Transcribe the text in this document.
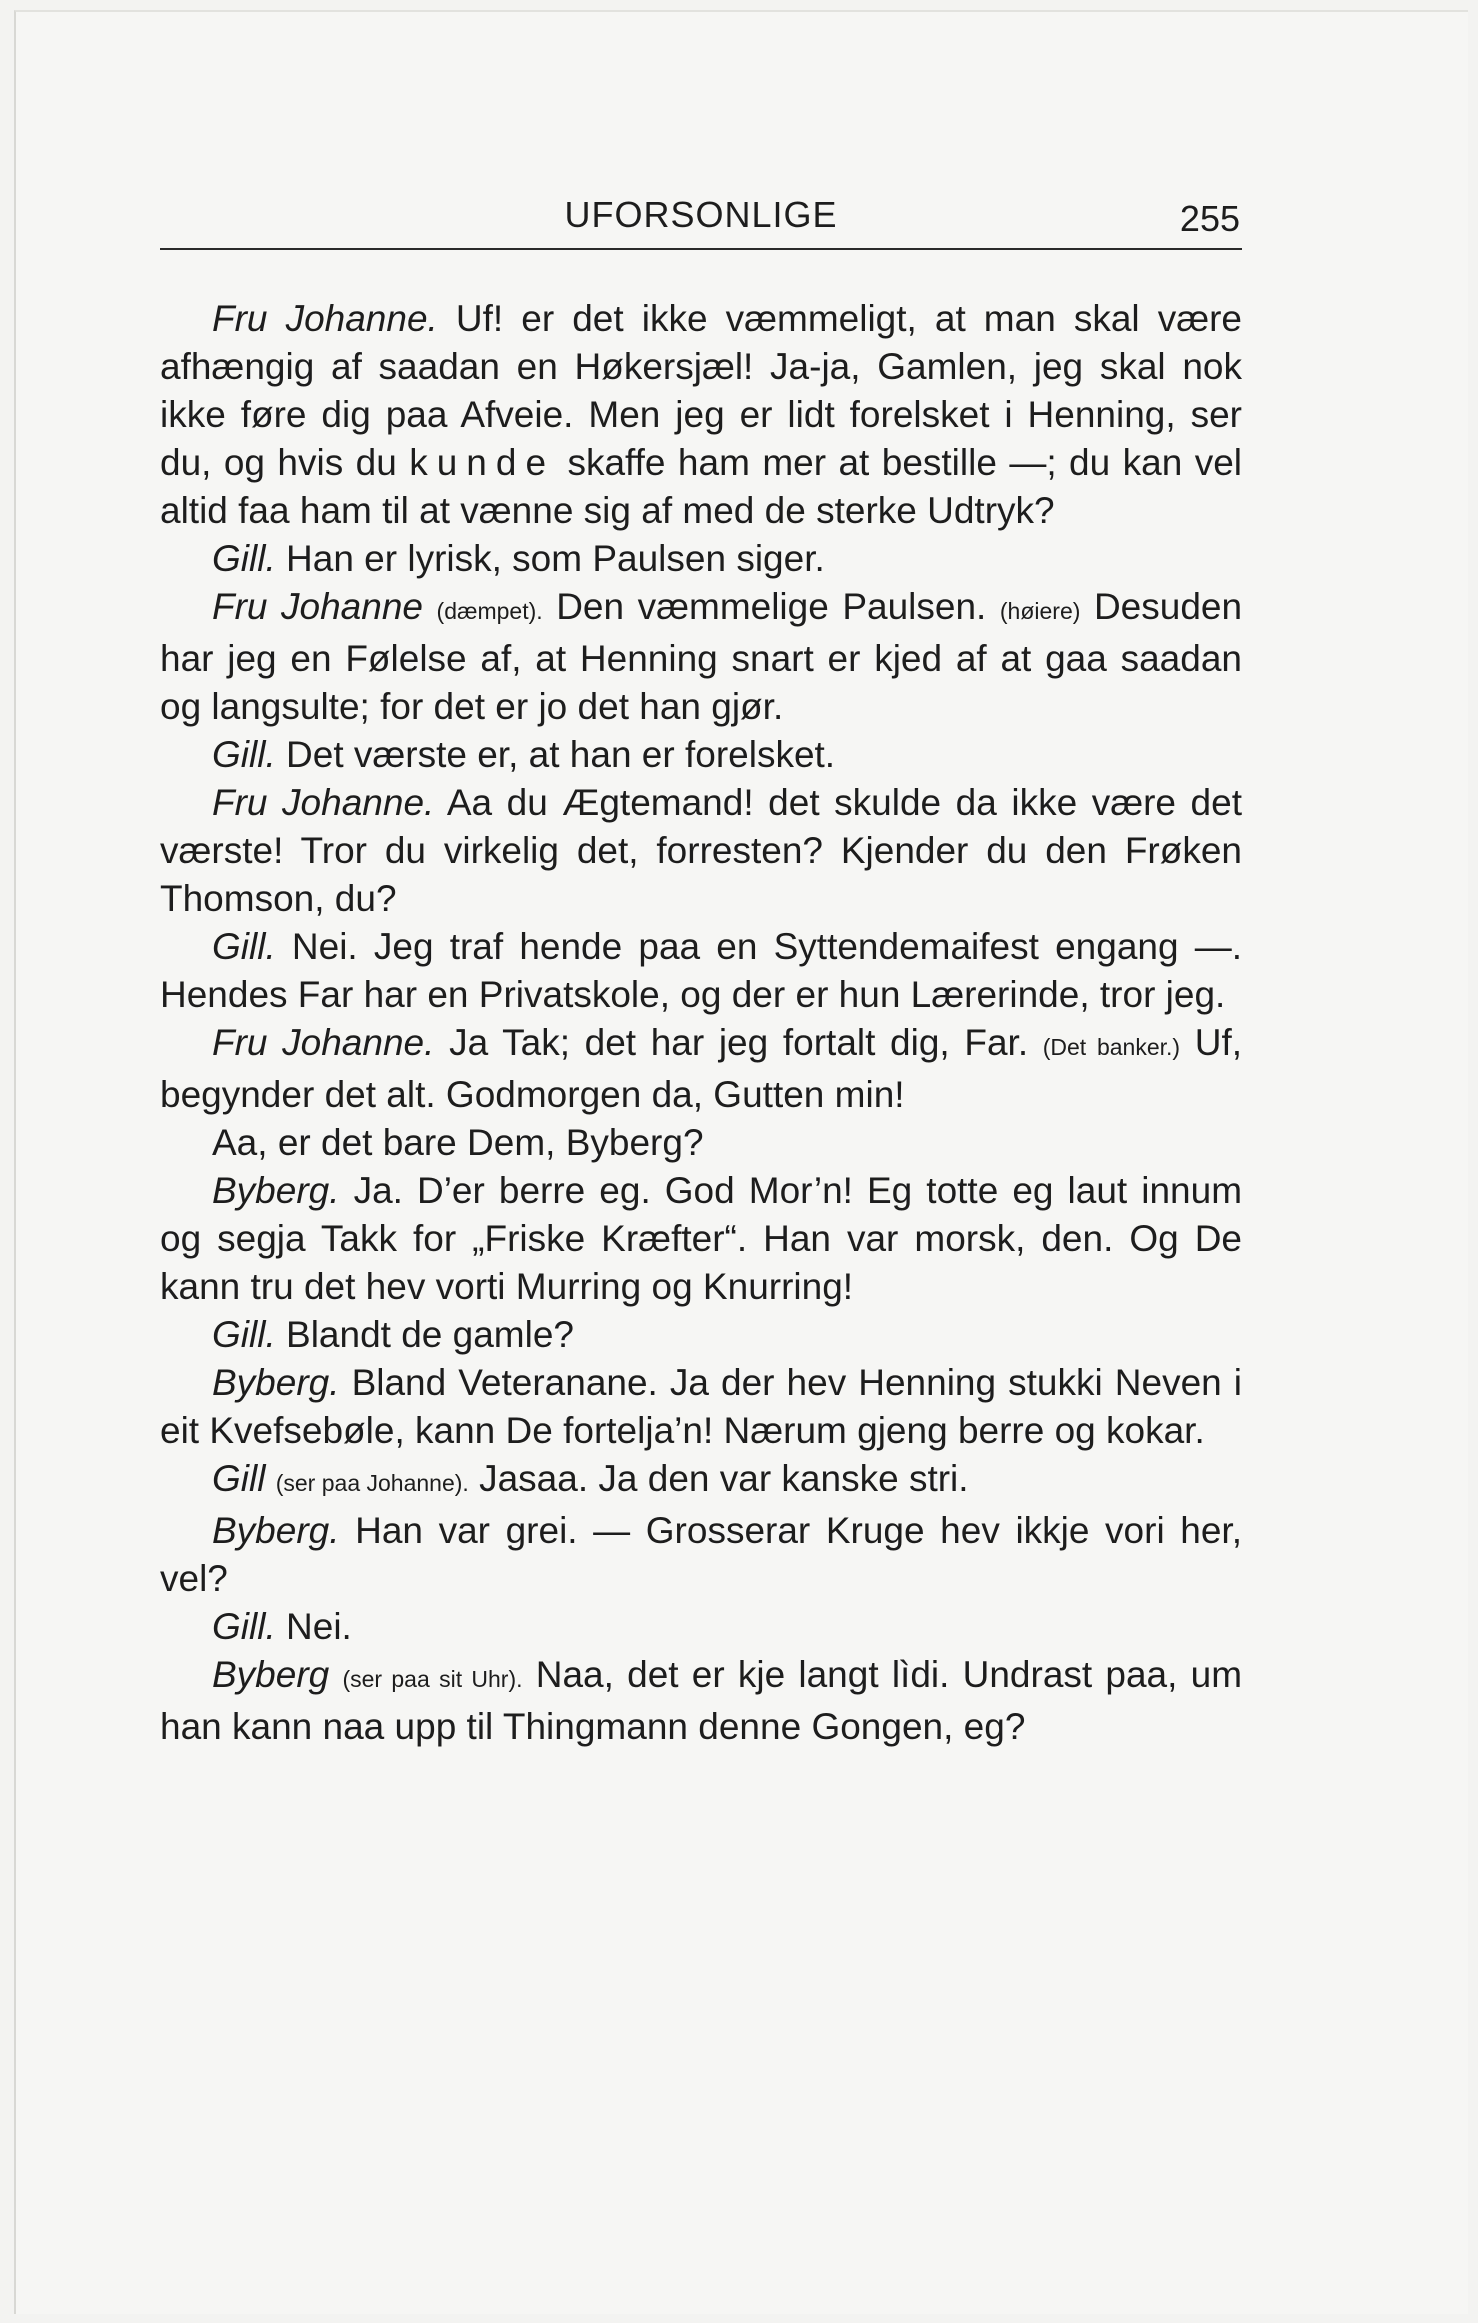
UFORSONLIGE	255

Fru Johanne. Uf! er det ikke væmmeligt, at man skal være afhængig af saadan en Høkersjæl! Ja-ja, Gamlen, jeg skal nok ikke føre dig paa Afveie. Men jeg er lidt forelsket i Henning, ser du, og hvis du kunde skaffe ham mer at bestille —; du kan vel altid faa ham til at vænne sig af med de sterke Udtryk?

Gill. Han er lyrisk, som Paulsen siger.

Fru Johanne (dæmpet). Den væmmelige Paulsen. (høiere) Desuden har jeg en Følelse af, at Henning snart er kjed af at gaa saadan og langsulte; for det er jo det han gjør.

Gill. Det værste er, at han er forelsket.

Fru Johanne. Aa du Ægtemand! det skulde da ikke være det værste! Tror du virkelig det, forresten? Kjender du den Frøken Thomson, du?

Gill. Nei. Jeg traf hende paa en Syttendemaifest engang —. Hendes Far har en Privatskole, og der er hun Lærerinde, tror jeg.

Fru Johanne. Ja Tak; det har jeg fortalt dig, Far. (Det banker.) Uf, begynder det alt. Godmorgen da, Gutten min!

Aa, er det bare Dem, Byberg?

Byberg. Ja. D’er berre eg. God Mor’n! Eg totte eg laut innum og segja Takk for „Friske Kræfter“. Han var morsk, den. Og De kann tru det hev vorti Murring og Knurring!

Gill. Blandt de gamle?

Byberg. Bland Veteranane. Ja der hev Henning stukki Neven i eit Kvefsebøle, kann De fortelja’n! Nærum gjeng berre og kokar.

Gill (ser paa Johanne). Jasaa. Ja den var kanske stri.

Byberg. Han var grei. — Grosserar Kruge hev ikkje vori her, vel?

Gill. Nei.

Byberg (ser paa sit Uhr). Naa, det er kje langt lìdi. Undrast paa, um han kann naa upp til Thingmann denne Gongen, eg?
